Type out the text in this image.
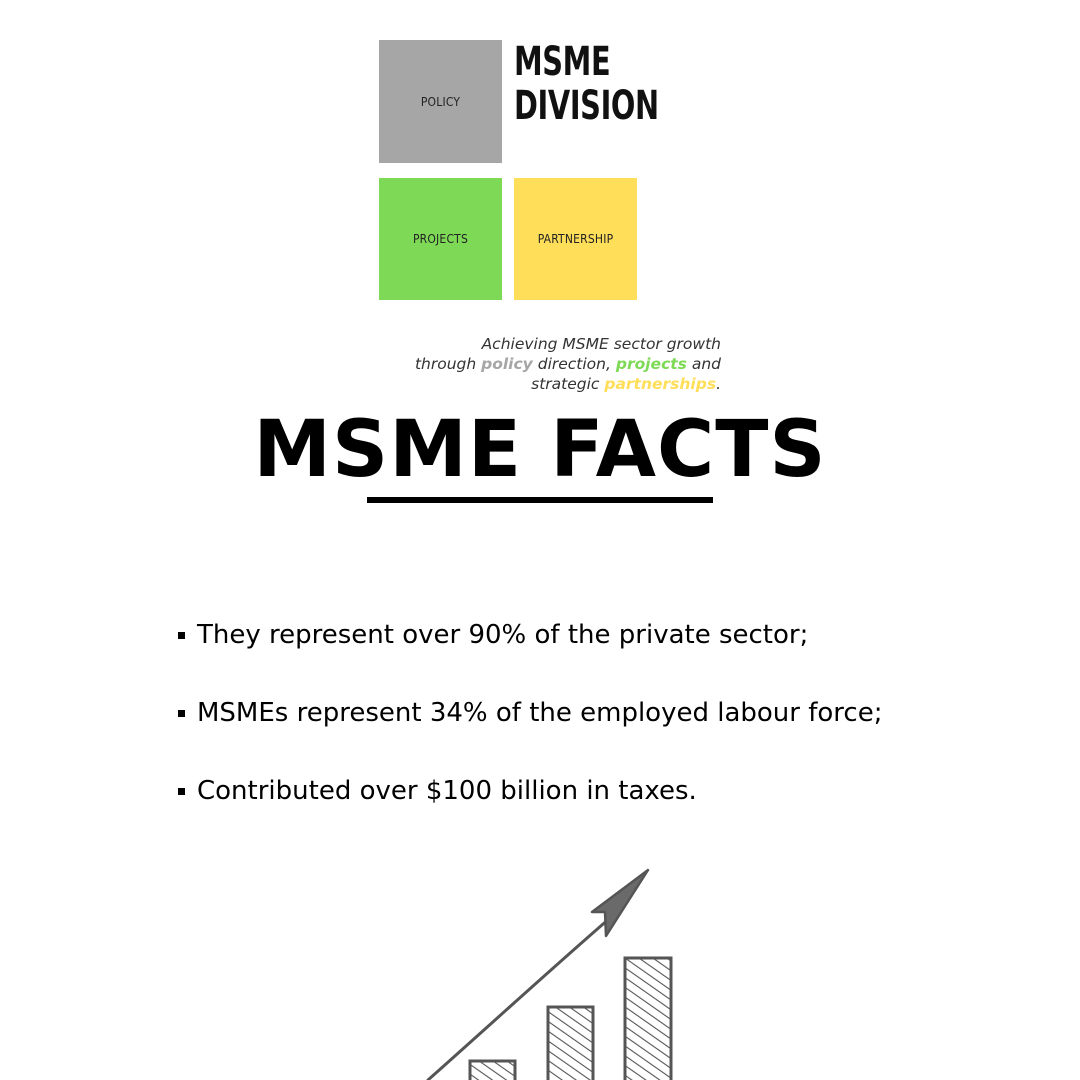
POLICY
PROJECTS	PARTNERSHIP
MSME
DIVISION
Achieving MSME sector growth
through policy direction, projects and
strategic partnerships.
MSME FACTS
They represent over 90% of the private sector;
MSMEs represent 34% of the employed labour force;
Contributed over $100 billion in taxes.
